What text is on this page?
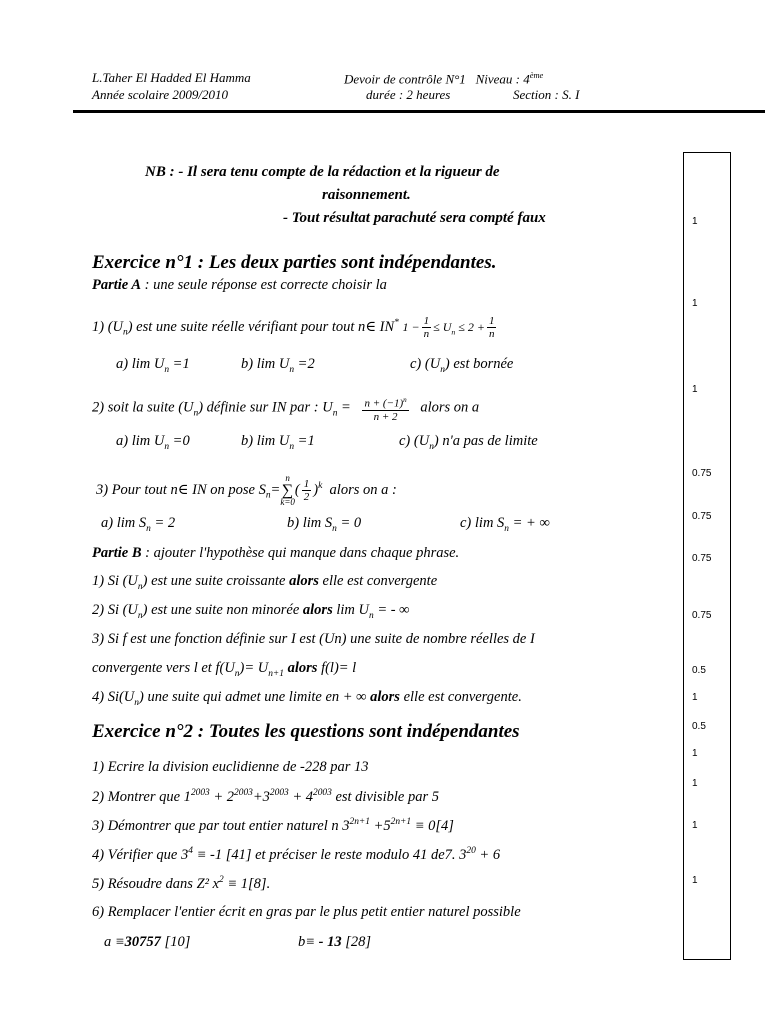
L.Taher El Hadded El Hamma
Année scolaire 2009/2010
Devoir de contrôle N°1 Niveau : 4ème
durée : 2 heures	Section : S. I
1
1
1
0.75
0.75
0.75
0.75
0.5
1
0.5
1
1
1
1
NB : - Il sera tenu compte de la rédaction et la rigueur de
raisonnement.
- Tout résultat parachuté sera compté faux
Exercice n°1 : Les deux parties sont indépendantes.
Partie A : une seule réponse est correcte choisir la
1) $(U_n)$ est une suite réelle vérifiant pour tout n∈ IN* $1 - \frac{1}{n} \le U_n \le 2 + \frac{1}{n}$
a) $\lim U_n =1$	b) $\lim U_n =2$	c) $(U_n)$ est bornée
2) soit la suite $(U_n)$ définie sur IN par : $U_n = \frac{n + (-1)^n}{n + 2}$ alors on a
a) $\lim U_n =0$	b) $\lim U_n =1$	c) $(U_n)$ n'a pas de limite
3) Pour tout n∈ IN on pose $S_n=n$
∑
$k=0( \frac{1}{2} )^k$ alors on a :
a) $\lim S_n = 2$	b) $\lim S_n = 0$	c) $\lim S_n$ = + ∞
Partie B : ajouter l'hypothèse qui manque dans chaque phrase.
1) Si $(U_n)$ est une suite croissante alors elle est convergente
2) Si $(U_n)$ est une suite non minorée alors $\lim U_n$ = - ∞
3) Si f est une fonction définie sur I est (Un) une suite de nombre réelles de I
convergente vers l et $f(U_n)= U_{n+1}$ alors f(l)= l
4) $Si(U_n)$ une suite qui admet une limite en + ∞ alors elle est convergente.
Exercice n°2 : Toutes les questions sont indépendantes
1) Ecrire la division euclidienne de -228 par 13
2) Montrer que $1^{2003} + 2^{2003}+3^{2003} + 4^{2003}$ est divisible par 5
3) Démontrer que par tout entier naturel n $3^{2n+1} +5^{2n+1} \equiv 0[4]$
4) Vérifier que $3^4 \equiv -1$ [41] et préciser le reste modulo 41 de7. $3^{20} + 6$
5) Résoudre dans Z² $x^2 \equiv 1[8]$.
6) Remplacer l'entier écrit en gras par le plus petit entier naturel possible
a ≡30757 [10]	b≡ - 13 [28]
